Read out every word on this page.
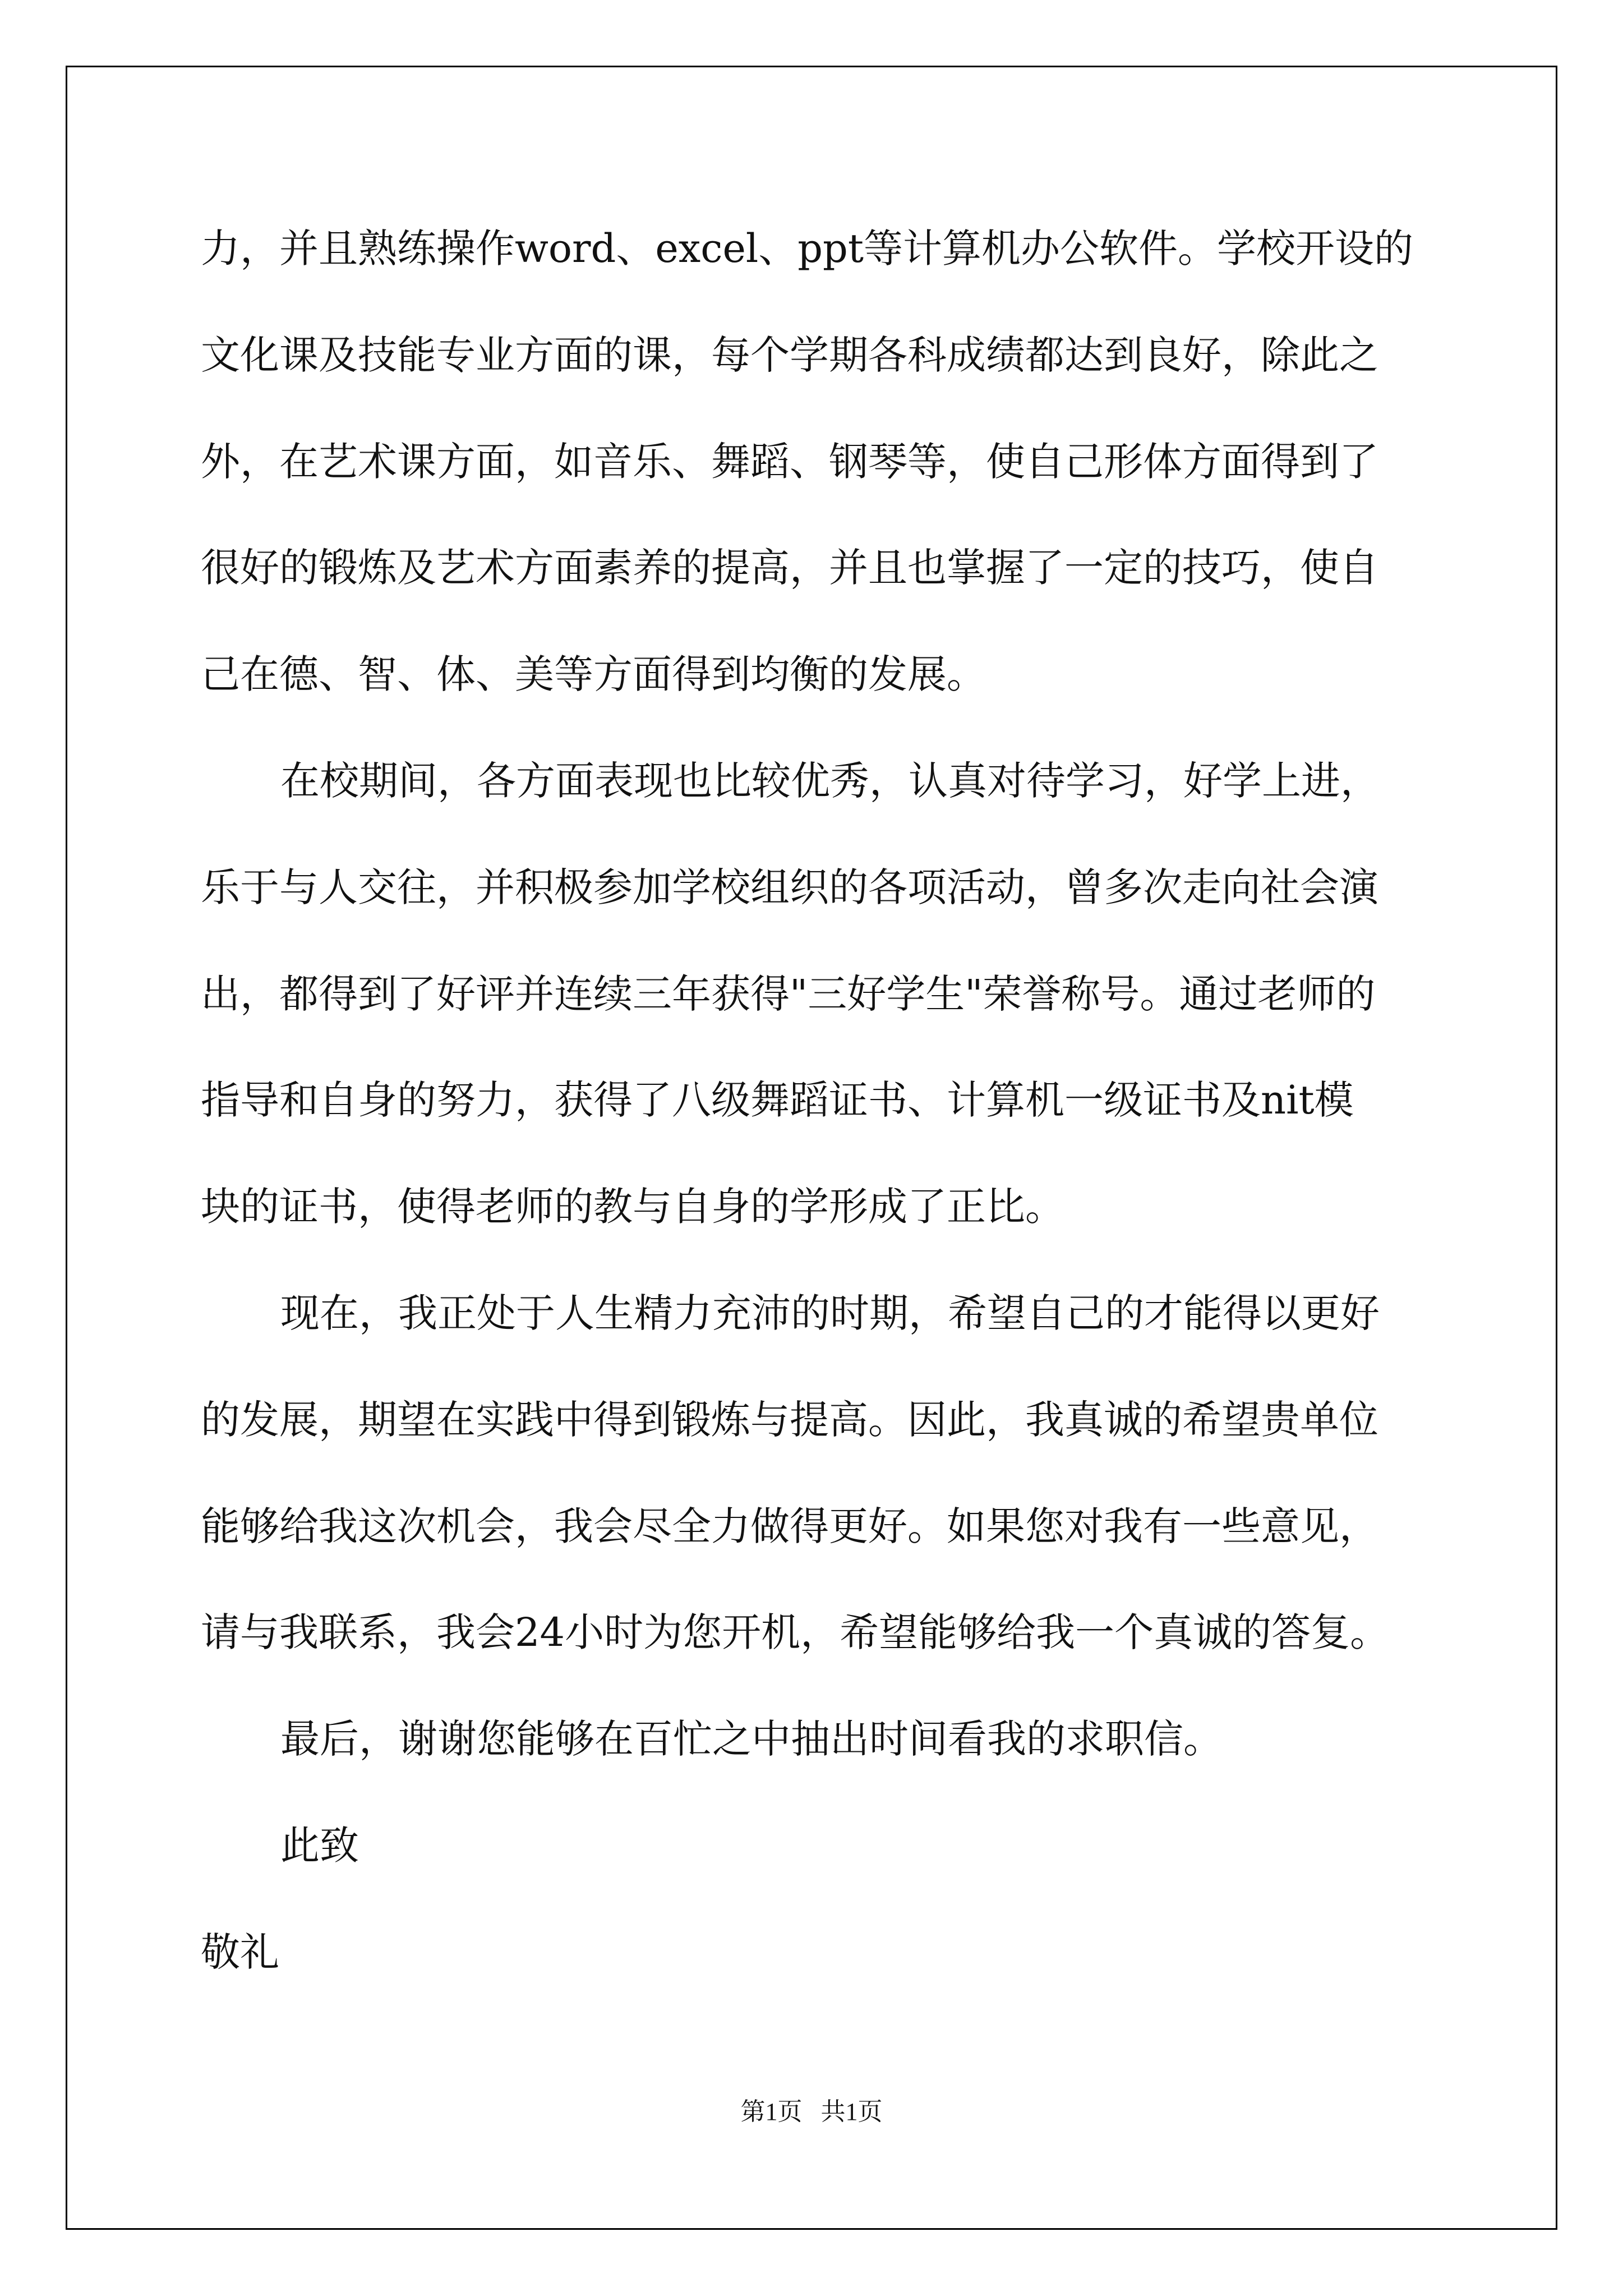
力，并且熟练操作word、excel、ppt等计算机办公软件。学校开设的

文化课及技能专业方面的课，每个学期各科成绩都达到良好，除此之

外，在艺术课方面，如音乐、舞蹈、钢琴等，使自己形体方面得到了

很好的锻炼及艺术方面素养的提高，并且也掌握了一定的技巧，使自

己在德、智、体、美等方面得到均衡的发展。

在校期间，各方面表现也比较优秀，认真对待学习，好学上进，

乐于与人交往，并积极参加学校组织的各项活动，曾多次走向社会演

出，都得到了好评并连续三年获得"三好学生"荣誉称号。通过老师的

指导和自身的努力，获得了八级舞蹈证书、计算机一级证书及nit模

块的证书，使得老师的教与自身的学形成了正比。

现在，我正处于人生精力充沛的时期，希望自己的才能得以更好

的发展，期望在实践中得到锻炼与提高。因此，我真诚的希望贵单位

能够给我这次机会，我会尽全力做得更好。如果您对我有一些意见，

请与我联系，我会24小时为您开机，希望能够给我一个真诚的答复。

最后，谢谢您能够在百忙之中抽出时间看我的求职信。

此致

敬礼

第1页   共1页
